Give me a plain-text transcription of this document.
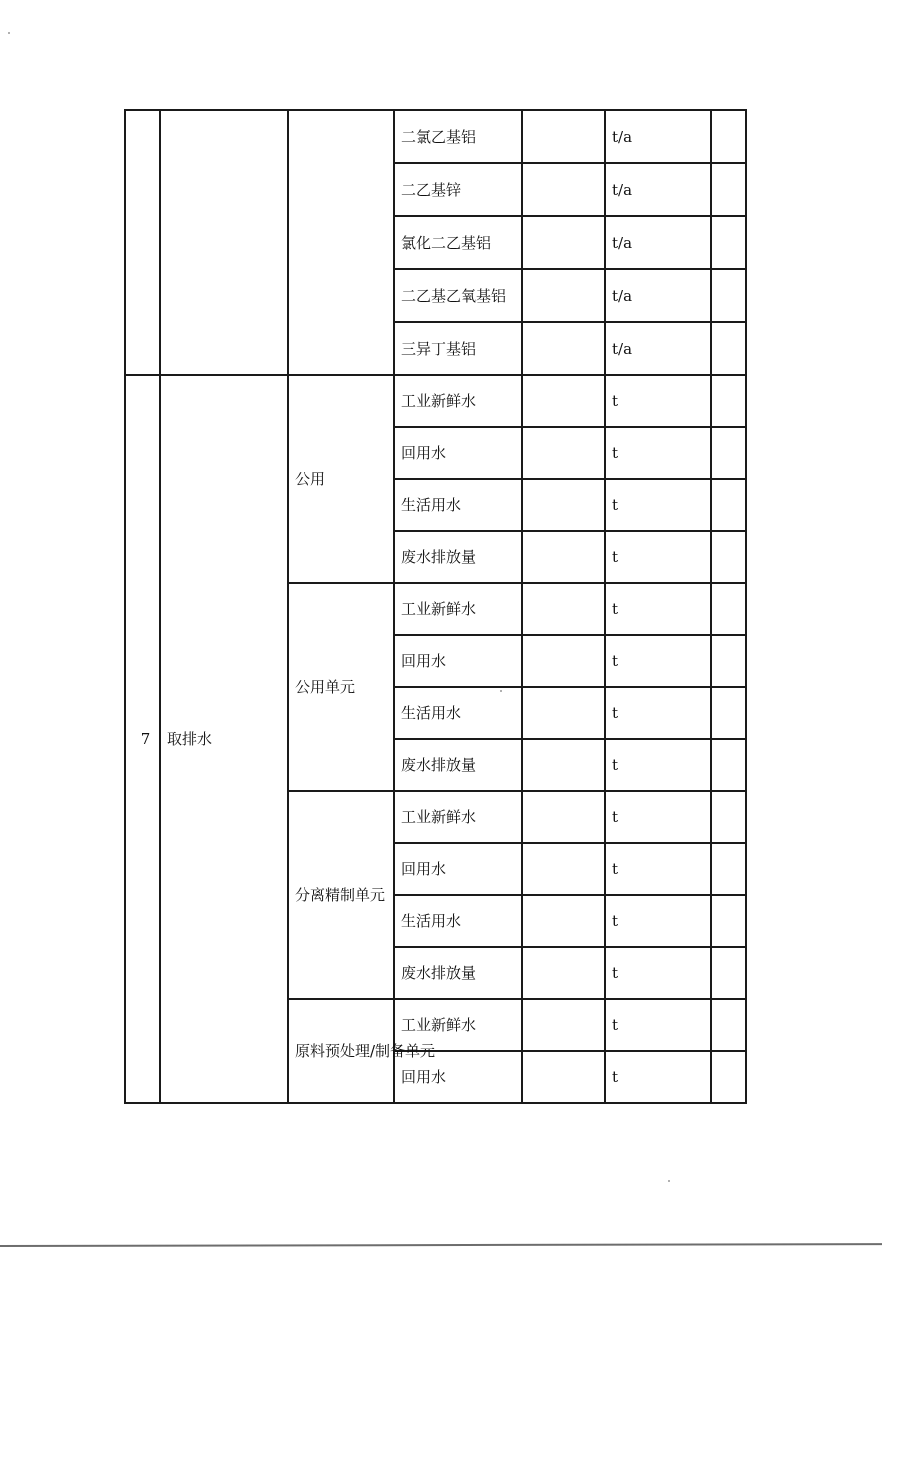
			二氯乙基铝		t/a	
			二乙基锌		t/a	
			氯化二乙基铝		t/a	
			二乙基乙氧基铝		t/a	
			三异丁基铝		t/a	
7	取排水	公用	工业新鲜水		t	
			回用水		t	
			生活用水		t	
			废水排放量		t	
		公用单元	工业新鲜水		t	
			回用水		t	
			生活用水		t	
			废水排放量		t	
		分离精制单元	工业新鲜水		t	
			回用水		t	
			生活用水		t	
			废水排放量		t	
		原料预处理/制备单元	工业新鲜水		t	
			回用水		t	
